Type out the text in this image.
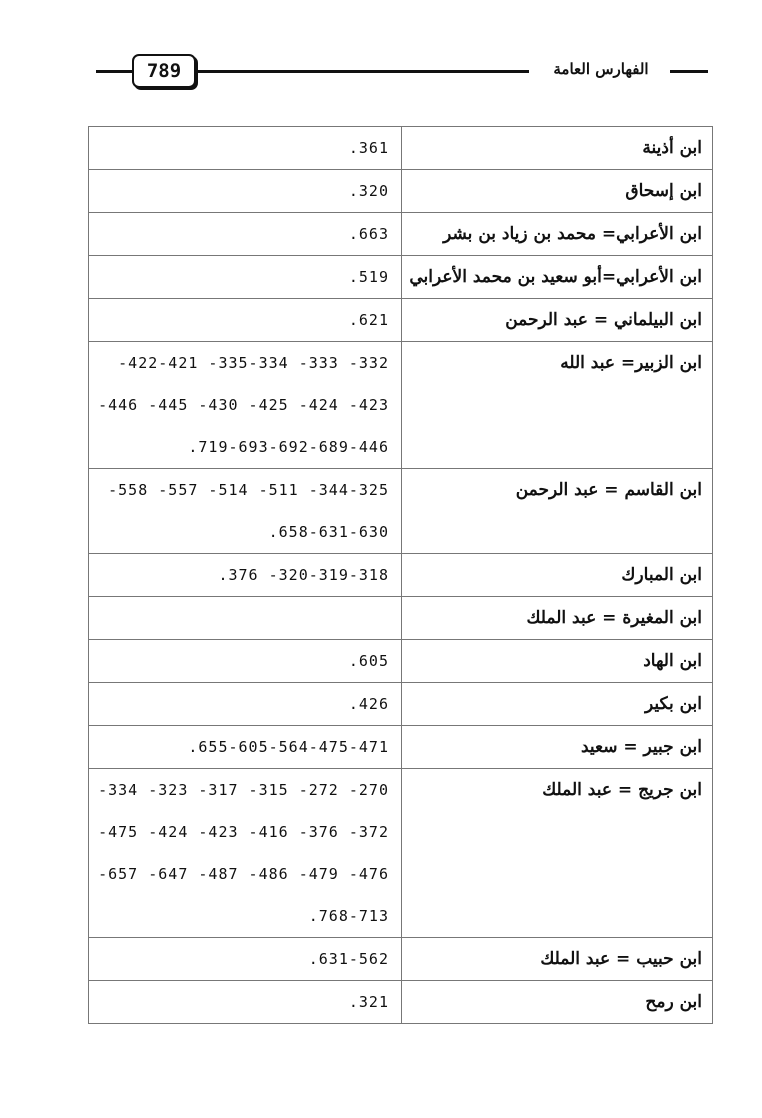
789	الفهارس العامة
.361	ابن أذينة

.320	ابن إسحاق

.663	ابن الأعرابي= محمد بن زياد بن بشر

.519	ابن الأعرابي=أبو سعيد بن محمد الأعرابي

.621	ابن البيلماني = عبد الرحمن

-422-421 -335-334 -333 -332
-446 -445 -430 -425 -424 -423
.719-693-692-689-446	ابن الزبير= عبد الله

-558 -557 -514 -511 -344-325
.658-631-630	ابن القاسم = عبد الرحمن

.376 -320-319-318	ابن المبارك

	ابن المغيرة = عبد الملك

.605	ابن الهاد

.426	ابن بكير

.655-605-564-475-471	ابن جبير = سعيد

-334 -323 -317 -315 -272 -270
-475 -424 -423 -416 -376 -372
-657 -647 -487 -486 -479 -476
.768-713	ابن جريج = عبد الملك

.631-562	ابن حبيب = عبد الملك

.321	ابن رمح
